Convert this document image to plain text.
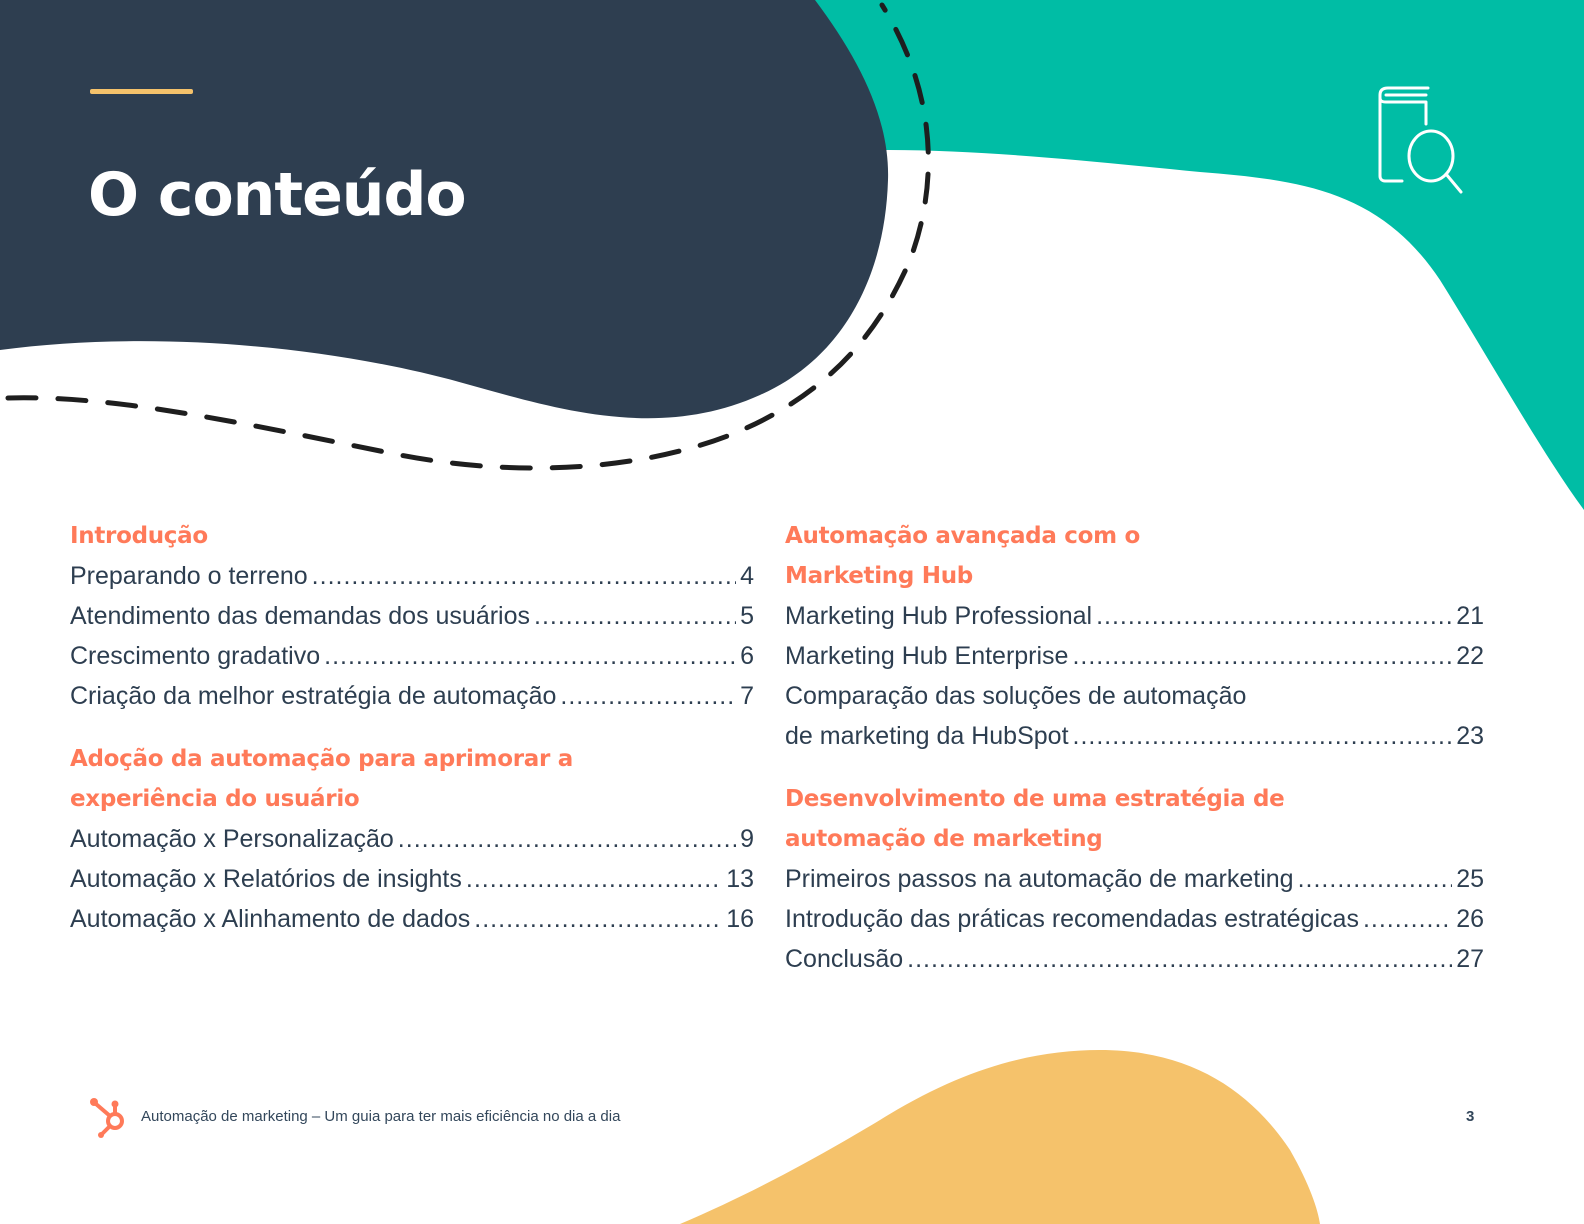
O conteúdo
Introdução
Preparando o terreno .....	4
Atendimento das demandas dos usuários .....	5
Crescimento gradativo .....	6
Criação da melhor estratégia de automação .....	7
Adoção da automação para aprimorar a
experiência do usuário
Automação x Personalização .....	9
Automação x Relatórios de insights .....	13
Automação x Alinhamento de dados .....	16
Automação avançada com o
Marketing Hub
Marketing Hub Professional .....	21
Marketing Hub Enterprise .....	22
Comparação das soluções de automação
de marketing da HubSpot .....	23
Desenvolvimento de uma estratégia de
automação de marketing
Primeiros passos na automação de marketing .....	25
Introdução das práticas recomendadas estratégicas .....	26
Conclusão .....	27
Automação de marketing – Um guia para ter mais eficiência no dia a dia	3
